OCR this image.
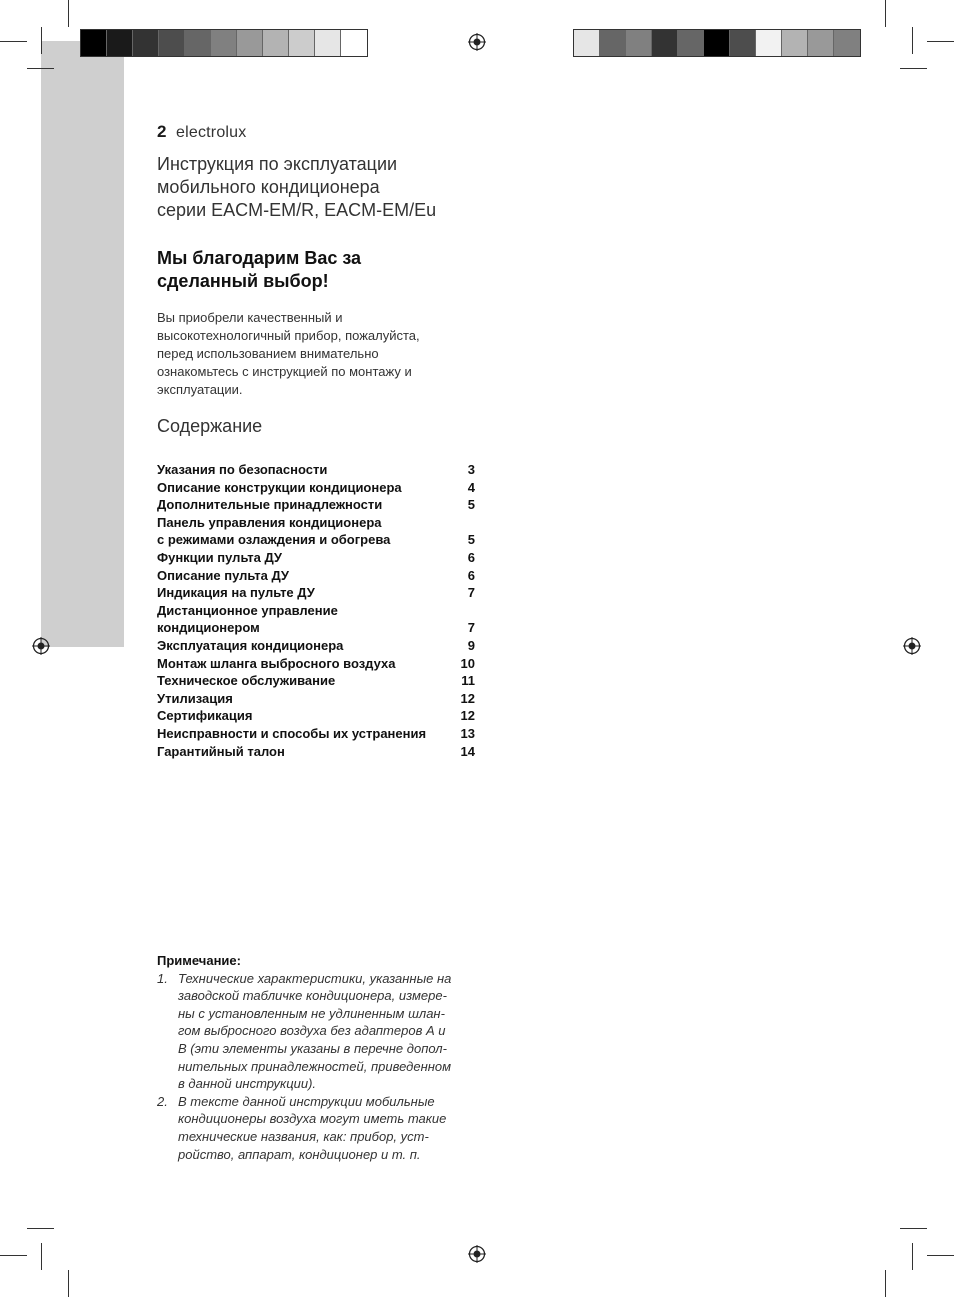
2 electrolux
Инструкция по эксплуатации
мобильного кондиционера
серии EACM-EM/R, EACM-EM/Eu
Мы благодарим Вас за
сделанный выбор!
Вы приобрели качественный и
высокотехнологичный прибор, пожалуйста,
перед использованием внимательно
ознакомьтесь с инструкцией по монтажу и
эксплуатации.
Содержание
Указания по безопасности	3
Описание конструкции кондиционера	4
Дополнительные принадлежности	5
Панель управления кондиционера
с режимами озлаждения и обогрева	5
Функции пульта ДУ	6
Описание пульта ДУ	6
Индикация на пульте ДУ	7
Дистанционное управление
кондиционером	7
Эксплуатация кондиционера	9
Монтаж шланга выбросного воздуха	10
Техническое обслуживание	11
Утилизация	12
Сертификация	12
Неисправности и способы их устранения	13
Гарантийный талон	14
Примечание:
1. Технические характеристики, указанные на
заводской табличке кондиционера, измере-
ны с установленным не удлиненным шлан-
гом выбросного воздуха без адаптеров А и
В (эти элементы указаны в перечне допол-
нительных принадлежностей, приведенном
в данной инструкции).
2. В тексте данной инструкции мобильные
кондиционеры воздуха могут иметь такие
технические названия, как: прибор, уст-
ройство, аппарат, кондиционер и т. п.
